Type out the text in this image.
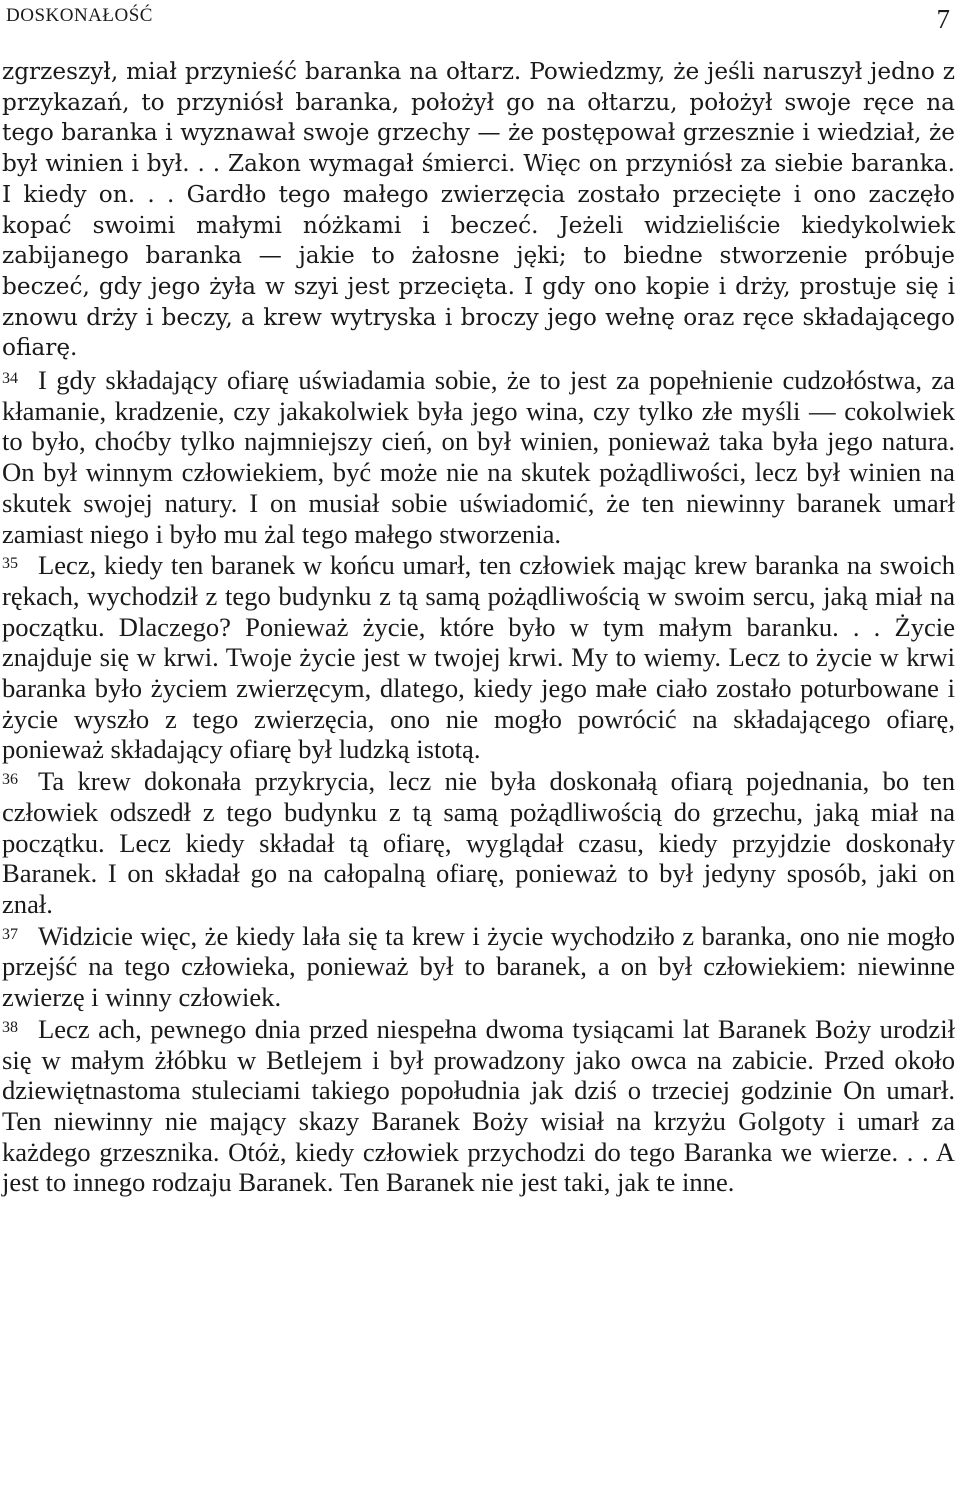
DOSKONAŁOŚĆ	7

zgrzeszył, miał przynieść baranka na ołtarz. Powiedzmy, że jeśli naruszył jedno z przykazań, to przyniósł baranka, położył go na ołtarzu, położył swoje ręce na tego baranka i wyznawał swoje grzechy — że postępował grzesznie i wiedział, że był winien i był. . . Zakon wymagał śmierci. Więc on przyniósł za siebie baranka. I kiedy on. . . Gardło tego małego zwierzęcia zostało przecięte i ono zaczęło kopać swoimi małymi nóżkami i beczeć. Jeżeli widzieliście kiedykolwiek zabijanego baranka — jakie to żałosne jęki; to biedne stworzenie próbuje beczeć, gdy jego żyła w szyi jest przecięta. I gdy ono kopie i drży, prostuje się i znowu drży i beczy, a krew wytryska i broczy jego wełnę oraz ręce składającego ofiarę.

$^{34}$ I gdy składający ofiarę uświadamia sobie, że to jest za popełnienie cudzołóstwa, za kłamanie, kradzenie, czy jakakolwiek była jego wina, czy tylko złe myśli — cokolwiek to było, choćby tylko najmniejszy cień, on był winien, ponieważ taka była jego natura. On był winnym człowiekiem, być może nie na skutek pożądliwości, lecz był winien na skutek swojej natury. I on musiał sobie uświadomić, że ten niewinny baranek umarł zamiast niego i było mu żal tego małego stworzenia.

$^{35}$ Lecz, kiedy ten baranek w końcu umarł, ten człowiek mając krew baranka na swoich rękach, wychodził z tego budynku z tą samą pożądliwością w swoim sercu, jaką miał na początku. Dlaczego? Ponieważ życie, które było w tym małym baranku. . . Życie znajduje się w krwi. Twoje życie jest w twojej krwi. My to wiemy. Lecz to życie w krwi baranka było życiem zwierzęcym, dlatego, kiedy jego małe ciało zostało poturbowane i życie wyszło z tego zwierzęcia, ono nie mogło powrócić na składającego ofiarę, ponieważ składający ofiarę był ludzką istotą.

$^{36}$ Ta krew dokonała przykrycia, lecz nie była doskonałą ofiarą pojednania, bo ten człowiek odszedł z tego budynku z tą samą pożądliwością do grzechu, jaką miał na początku. Lecz kiedy składał tą ofiarę, wyglądał czasu, kiedy przyjdzie doskonały Baranek. I on składał go na całopalną ofiarę, ponieważ to był jedyny sposób, jaki on znał.

$^{37}$ Widzicie więc, że kiedy lała się ta krew i życie wychodziło z baranka, ono nie mogło przejść na tego człowieka, ponieważ był to baranek, a on był człowiekiem: niewinne zwierzę i winny człowiek.

$^{38}$ Lecz ach, pewnego dnia przed niespełna dwoma tysiącami lat Baranek Boży urodził się w małym żłóbku w Betlejem i był prowadzony jako owca na zabicie. Przed około dziewiętnastoma stuleciami takiego popołudnia jak dziś o trzeciej godzinie On umarł. Ten niewinny nie mający skazy Baranek Boży wisiał na krzyżu Golgoty i umarł za każdego grzesznika. Otóż, kiedy człowiek przychodzi do tego Baranka we wierze. . . A jest to innego rodzaju Baranek. Ten Baranek nie jest taki, jak te inne.
